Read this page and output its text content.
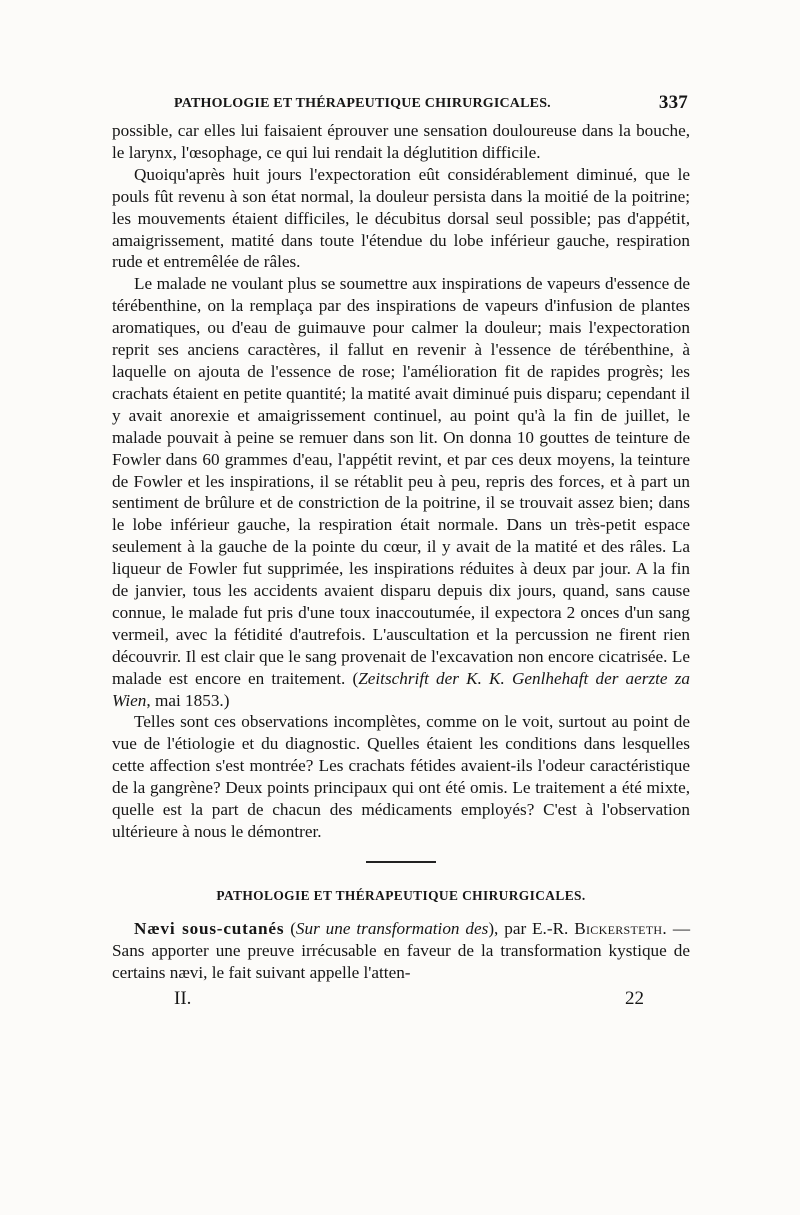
PATHOLOGIE ET THÉRAPEUTIQUE CHIRURGICALES.	337

possible, car elles lui faisaient éprouver une sensation douloureuse dans la bouche, le larynx, l'œsophage, ce qui lui rendait la déglutition difficile.

Quoiqu'après huit jours l'expectoration eût considérablement diminué, que le pouls fût revenu à son état normal, la douleur persista dans la moitié de la poitrine; les mouvements étaient difficiles, le décubitus dorsal seul possible; pas d'appétit, amaigrissement, matité dans toute l'étendue du lobe inférieur gauche, respiration rude et entremêlée de râles.

Le malade ne voulant plus se soumettre aux inspirations de vapeurs d'essence de térébenthine, on la remplaça par des inspirations de vapeurs d'infusion de plantes aromatiques, ou d'eau de guimauve pour calmer la douleur; mais l'expectoration reprit ses anciens caractères, il fallut en revenir à l'essence de térébenthine, à laquelle on ajouta de l'essence de rose; l'amélioration fit de rapides progrès; les crachats étaient en petite quantité; la matité avait diminué puis disparu; cependant il y avait anorexie et amaigrissement continuel, au point qu'à la fin de juillet, le malade pouvait à peine se remuer dans son lit. On donna 10 gouttes de teinture de Fowler dans 60 grammes d'eau, l'appétit revint, et par ces deux moyens, la teinture de Fowler et les inspirations, il se rétablit peu à peu, repris des forces, et à part un sentiment de brûlure et de constriction de la poitrine, il se trouvait assez bien; dans le lobe inférieur gauche, la respiration était normale. Dans un très-petit espace seulement à la gauche de la pointe du cœur, il y avait de la matité et des râles. La liqueur de Fowler fut supprimée, les inspirations réduites à deux par jour. A la fin de janvier, tous les accidents avaient disparu depuis dix jours, quand, sans cause connue, le malade fut pris d'une toux inaccoutumée, il expectora 2 onces d'un sang vermeil, avec la fétidité d'autrefois. L'auscultation et la percussion ne firent rien découvrir. Il est clair que le sang provenait de l'excavation non encore cicatrisée. Le malade est encore en traitement. (Zeitschrift der K. K. Genlhehaft der aerzte za Wien, mai 1853.)

Telles sont ces observations incomplètes, comme on le voit, surtout au point de vue de l'étiologie et du diagnostic. Quelles étaient les conditions dans lesquelles cette affection s'est montrée? Les crachats fétides avaient-ils l'odeur caractéristique de la gangrène? Deux points principaux qui ont été omis. Le traitement a été mixte, quelle est la part de chacun des médicaments employés? C'est à l'observation ultérieure à nous le démontrer.

PATHOLOGIE ET THÉRAPEUTIQUE CHIRURGICALES.

Nævi sous-cutanés (Sur une transformation des), par E.-R. Bickersteth. — Sans apporter une preuve irrécusable en faveur de la transformation kystique de certains nævi, le fait suivant appelle l'atten-

II.	22
